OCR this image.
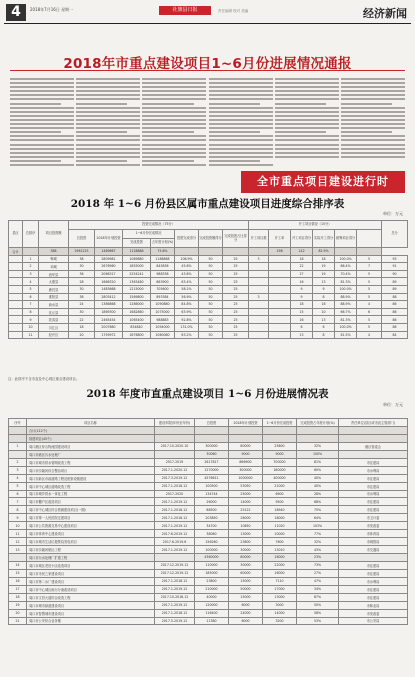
4	2018年7月16日 星期一	社旗县日报	责任编辑 校对 美编	经济新闻
2018年市重点建设项目1~6月份进展情况通报
全市重点项目建设进行时
2018 年 1~6 月份县区属市重点建设项目进度综合排序表
单位：万元
县区	总排序	项目投资额	投资完成情况（75分）							开工项目情况（15分）						总分
			总投资	2018年计划投资	1~6月份完成情况		投资完成得分	完成投资额得分	完成投资占比得分	开工项目数	开工率	开工项目得分	实际开工得分	统筹项目得分		
					完成投资	占年度计划(%)										
合计		388	1961225	1489667	1128886	75.8%					198	142	82.9%			
	1	郸城	38	2809981	1089880	1186868	108.9%	50	25	3		18	18	100.0%	5	93
	2	项城	30	2676960	1855000	845836	45.6%	50	25			22	19	86.4%	7	91
	3	西华县	36	2066317	2254241	988336	43.8%	50	25			27	19	70.4%	5	90
	4	太康县	28	1666320	1363480	863900	63.4%	50	25			16	13	81.3%	5	89
	5	鹿邑县	30	1483668	1215000	705600	58.1%	50	25			9	9	100.0%	5	89
	6	淮阳县	38	2803412	1569800	893384	56.9%	50	25	3		9	8	88.9%	5	88
	7	商水县	24	1386868	1286000	1090880	84.8%	50	25			18	16	88.9%	4	86
	8	沈丘县	30	1869300	1682860	1075000	63.9%	50	25			15	10	66.7%	6	86
	9	扶沟县	22	2465454	1065400	988883	92.8%	50	25			16	13	81.3%	5	86
	10	川汇区	18	2007680	834840	1094000	131.0%	50	25			6	6	100.0%	5	86
	11	经开区	20	1759972	1676800	1060080	63.2%	50	25			13	8	61.5%	4	84
注：此排序不含市直及中心城区重点建设项目。
2018 年度市直重点建设项目 1~6 月份进展情况表
单位：万元
序号	项目名称	建设年限(年份至年份)	总投资	2018年计划投资	1~6月份完成投资	完成投资占年度计划(%)	责任单位(县区或市直主管部门)
	合计(112个)						
	续建项目(45个)						
1	周口港区综合物流园建设项目	2017.10-2020.10	300000	80000	25600	32%	港区管委会
	周口市港区污水处理厂		30060	9000	9000	100%	
2	周口市城市供水管网改造工程	2017-2019	2617817	866900	700000	81%	市住建局
3	周口市沙颍河综合整治项目	2017.1-2020.12	1270000	300000	180000	60%	市水利局
4	周口东新区市政道路工程及配套设施建设	2017.3-2019.12	4576611	1000000	400000	40%	市住建局
5	周口市中心城区道路改造工程	2017.1-2018.12	100500	53050	21000	40%	市住建局
6	周口市城乡供水一体化工程	2017-2020	134744	25000	6900	28%	市水利局
7	周口市棚户区改造项目	2017.1-2019.12	26000	14000	9500	68%	市住建局
8	周口市中心城区综合管廊建设项目(一期)	2017.1-2018.12	68500	25122	18940	75%	市住建局
9	周口市第一人民医院迁建项目	2017.1-2018.12	203850	28000	18000	64%	市卫计委
10	周口市公共资源交易中心建设项目	2017.1-2019.12	34700	10650	11020	103%	市发改委
11	周口市体育中心建设项目	2017.6-2019.12	38060	13000	10000	77%	市体育局
12	周口市城市生活垃圾焚烧发电项目	2017.6-2019.6	156260	23800	7600	32%	市城管局
13	周口市沙颍河航运工程	2017.1-2019.12	100000	30000	13010	43%	市交通局
	周口市污水处理厂扩建工程		4360000	80000	18000	23%	
14	周口市城区老旧小区改造项目	2017.12-2019.12	110000	30000	22000	73%	市住建局
15	周口市市民之家建设项目	2017.12-2019.12	185000	60000	16000	27%	市住建局
16	周口市第二水厂建设项目	2017.1-2018.12	23800	15000	7110	47%	市水利局
17	周口市中心城区雨污分流改造项目	2017.1-2019.12	210000	50000	17000	34%	市住建局
18	周口市文昌大道综合改造工程	2017.10-2018.12	40000	15000	13000	87%	市住建局
19	周口市城市绿道建设项目	2017.1-2019.12	120000	6000	3000	50%	市林业局
20	周口市智慧城市建设项目	2017.1-2018.12	116400	24000	14000	58%	市发改委
21	周口市公安综合业务楼	2017.5-2019.12	11380	6000	3200	53%	市公安局
